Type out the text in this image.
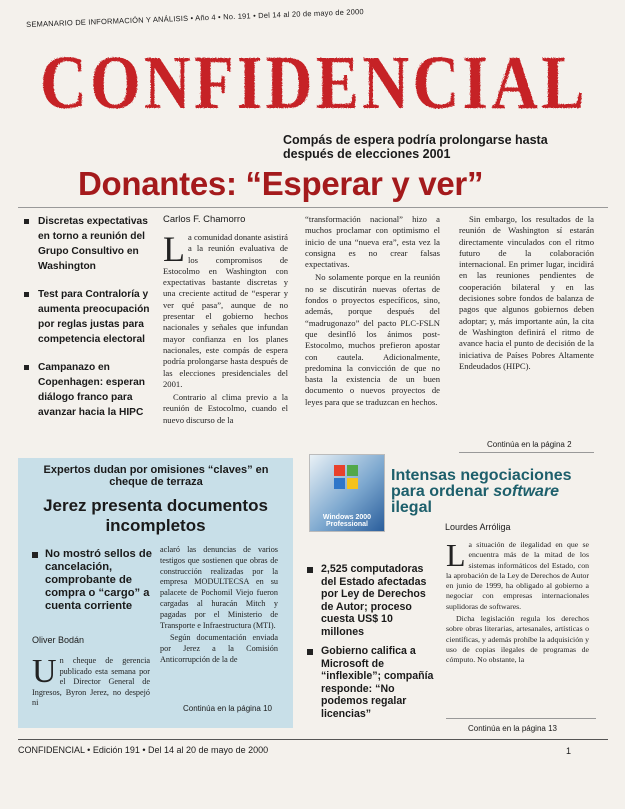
SEMANARIO DE INFORMACIÓN Y ANÁLISIS • Año 4 • No. 191 • Del 14 al 20 de mayo de 2000
CONFIDENCIAL
Compás de espera podría prolongarse hasta después de elecciones 2001
Donantes: “Esperar y ver”
Discretas expectativas en torno a reunión del Grupo Consultivo en Washington
Test para Contraloría y aumenta preocupación por reglas justas para competencia electoral
Campanazo en Copenhagen: esperan diálogo franco para avanzar hacia la HIPC
Carlos F. Chamorro

La comunidad donante asistirá a la reunión evaluativa de los compromisos de Estocolmo en Washington con expectativas bastante discretas y una creciente actitud de “esperar y ver qué pasa”, aunque de no presentar el gobierno hechos nacionales y señales que infundan mayor confianza en los planes nacionales, este compás de espera podría prolongarse hasta después de las elecciones presidenciales del 2001.

Contrario al clima previo a la reunión de Estocolmo, cuando el nuevo discurso de la

“transformación nacional” hizo a muchos proclamar con optimismo el inicio de una “nueva era”, esta vez la consigna es no crear falsas expectativas.

No solamente porque en la reunión no se discutirán nuevas ofertas de fondos o proyectos específicos, sino, además, porque después del “madrugonazo” del pacto PLC-FSLN que desinfló los ánimos post-Estocolmo, muchos prefieron apostar con cautela. Adicionalmente, predomina la convicción de que no basta la existencia de un buen documento o nuevos proyectos de leyes para que se traduzcan en hechos.

Sin embargo, los resultados de la reunión de Washington sí estarán directamente vinculados con el ritmo futuro de la colaboración internacional. En primer lugar, incidirá en las reuniones pendientes de cooperación bilateral y en las decisiones sobre fondos de balanza de pagos que algunos gobiernos deben adoptar; y, más importante aún, la cita de Washington definirá el ritmo de avance hacia el punto de decisión de la iniciativa de Países Pobres Altamente Endeudados (HIPC).

Continúa en la página 2
Expertos dudan por omisiones “claves” en cheque de terraza
Jerez presenta documentos incompletos
No mostró sellos de cancelación, comprobante de compra o “cargo” a cuenta corriente
Oliver Bodán

Un cheque de gerencia publicado esta semana por el Director General de Ingresos, Byron Jerez, no despejó ni

aclaró las denuncias de varios testigos que sostienen que obras de construcción realizadas por la empresa MODULTECSA en su palacete de Pochomil Viejo fueron cargadas al huracán Mitch y pagadas por el Ministerio de Transporte e Infraestructura (MTI).

Según documentación enviada por Jerez a la Comisión Anticorrupción de la de

Continúa en la página 10
Windows 2000 Professional
Intensas negociaciones para ordenar software
ilegal
Lourdes Arróliga
2,525 computadoras del Estado afectadas por Ley de Derechos de Autor; proceso cuesta US$ 10 millones
Gobierno califica a Microsoft de “inflexible”; compañía responde: “No podemos regalar licencias”

La situación de ilegalidad en que se encuentra más de la mitad de los sistemas informáticos del Estado, con la aprobación de la Ley de Derechos de Autor en junio de 1999, ha obligado al gobierno a negociar con empresas internacionales suplidoras de softwares.

Dicha legislación regula los derechos sobre obras literarias, artesanales, artísticas o científicas, y además prohíbe la adquisición y uso de copias ilegales de programas de cómputo. No obstante, la

Continúa en la página 13
CONFIDENCIAL • Edición 191 • Del 14 al 20 de mayo de 2000	1
